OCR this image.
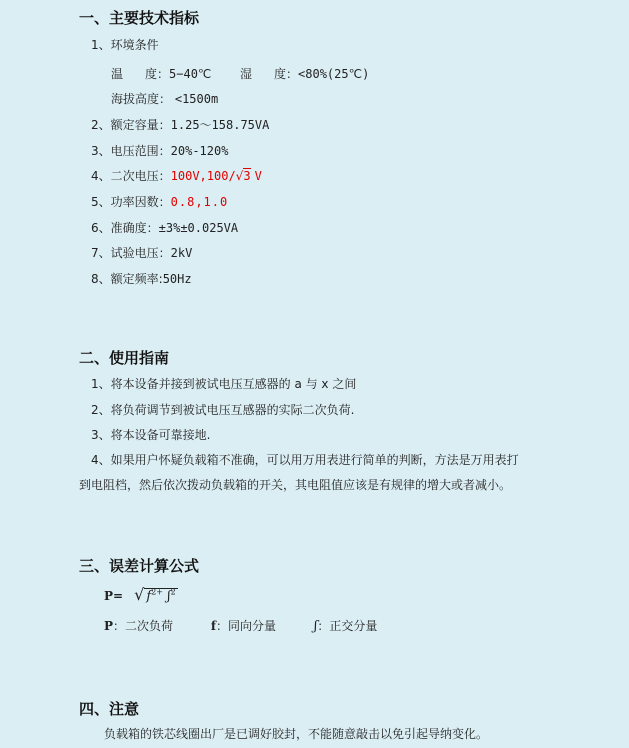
一、主要技术指标
1、环境条件
温 度：5−40℃ 湿 度：<80%(25℃)
海拔高度： <1500m
2、额定容量：1.25～158.75VA
3、电压范围：20%-120%
4、二次电压：100V,100/√3 V
5、功率因数：0.8,1.0
6、准确度：±3%±0.025VA
7、试验电压：2kV
8、额定频率:50Hz
二、使用指南
1、将本设备并接到被试电压互感器的 a 与 x 之间
2、将负荷调节到被试电压互感器的实际二次负荷.
3、将本设备可靠接地.
4、如果用户怀疑负载箱不准确，可以用万用表进行简单的判断，方法是万用表打
到电阻档，然后依次拨动负载箱的开关，其电阻值应该是有规律的增大或者减小。
三、误差计算公式
P= √ $f^{2+}$ ʃ$^2$
P：二次负荷	f：同向分量	ʃ：正交分量
四、注意
负载箱的铁芯线圈出厂是已调好胶封，不能随意敲击以免引起导纳变化。
